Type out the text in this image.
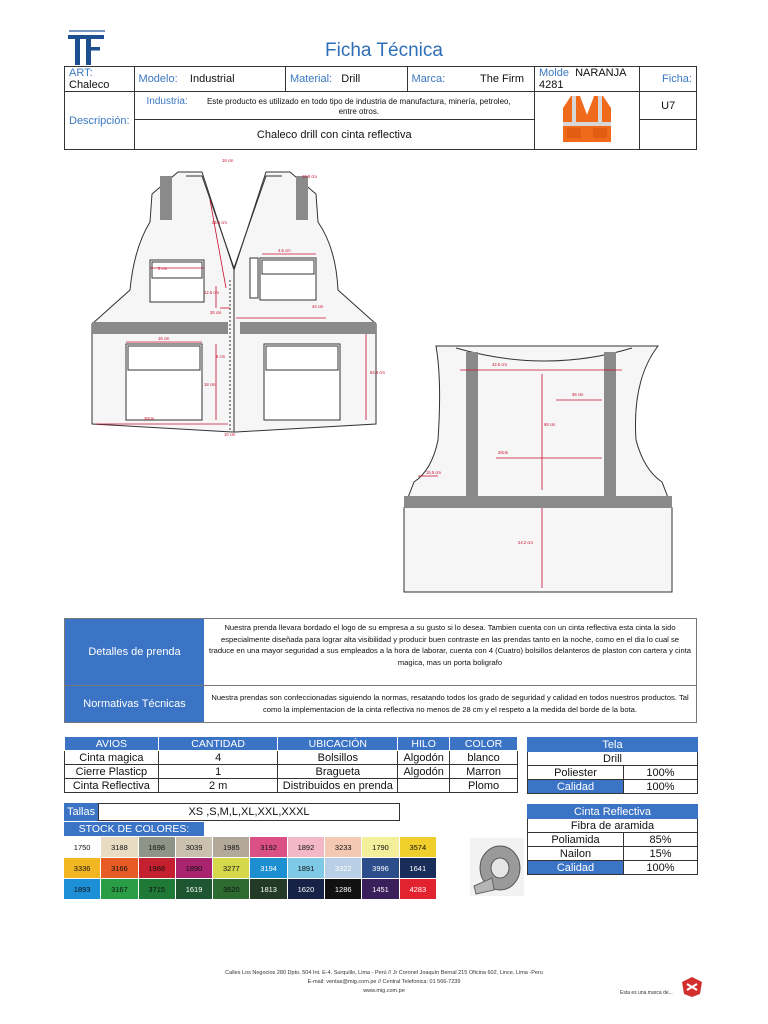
Ficha Técnica
ART: Chaleco	Modelo: Industrial	Material: Drill	Marca: The Firm	Molde NARANJA 4281	Ficha:
Descripción:	Industria: Este producto es utilizado en todo tipo de industria de manufactura, minería, petroleo, entre otros.				U7
	Chaleco drill con cinta reflectiva				
16 cm
18.8 cm
25.5 cm
4.5 cm
5 cm
12.5 cm
26 cm
44 cm
15 cm
6 cm
18 cm
64.8 cm
38cm
10 cm
42.0 cm
36 cm
68 cm
28cm
15.5 cm
24.2 cm
Detalles de prenda
Nuestra prenda llevara bordado el logo de su empresa a su gusto si lo desea. Tambien cuenta con un cinta reflectiva esta cinta la sido especialmente diseñada para lograr alta visibilidad y producir buen contraste en las prendas tanto en la noche, como en el dia lo cual se traduce en una mayor seguridad a sus empleados a la hora de laborar, cuenta con 4 (Cuatro) bolsillos delanteros de plaston con cartera y cinta magica, mas un porta boligrafo
Normativas Técnicas
Nuestra prendas son confeccionadas siguiendo la normas, resatando todos los grado de seguridad y calidad en todos nuestros productos. Tal como la implementacion de la cinta reflectiva no menos de 28 cm y el respeto a la medida del borde de la bota.
AVIOS	CANTIDAD	UBICACIÓN	HILO	COLOR
Cinta magica	4	Bolsillos	Algodón	blanco
Cierre Plasticp	1	Bragueta	Algodón	Marron
Cinta Reflectiva	2 m	Distribuidos en prenda		Plomo
Tela	
Drill	
Poliester	100%
Calidad	100%
Cinta Reflectiva	
Fibra de aramida	
Poliamida	85%
Nailon	15%
Calidad	100%
Tallas	XS ,S,M,L,XL,XXL,XXXL
STOCK DE COLORES:
1750	3188	1698	3039	1985	3192	1892	3233	1790	3574
3336	3166	1968	1890	3277	3194	1891	3322	3996	1641
1893	3167	3715	1619	3520	1813	1620	1286	1451	4283
Calles Los Negocios 280 Dpto. 504 Int. E-4, Surquillo, Lima - Perú // Jr Coronel Joaquín Bernal 215 Oficina 602, Lince, Lima -Peru
E-mail: ventas@mig.com.pe // Central Telefonica: 01 566-7239
www.mig.com.pe	Esta es una marca de...
